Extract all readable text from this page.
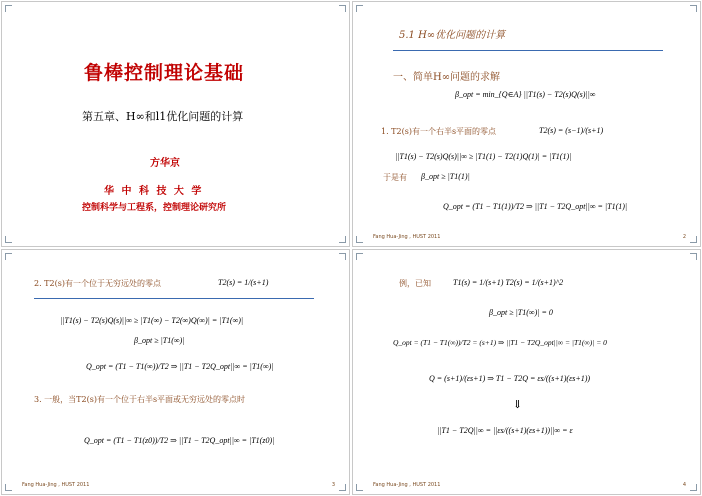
鲁棒控制理论基础
第五章、H∞和l1优化问题的计算
方华京
华 中 科 技 大 学
控制科学与工程系，控制理论研究所
5.1 H∞优化问题的计算
一、简单H∞问题的求解
β_opt = min_{Q∈A} ||T1(s) − T2(s)Q(s)||∞
1. T2(s)有一个右半s平面的零点	T2(s) = (s−1)/(s+1)
||T1(s) − T2(s)Q(s)||∞ ≥ |T1(1) − T2(1)Q(1)| = |T1(1)|
于是有 β_opt ≥ |T1(1)|
Q_opt = (T1 − T1(1))/T2 ⇒ ||T1 − T2Q_opt||∞ = |T1(1)|
Fang Hua-Jing , HUST 2011	2
2. T2(s)有一个位于无穷远处的零点	T2(s) = 1/(s+1)
||T1(s) − T2(s)Q(s)||∞ ≥ |T1(∞) − T2(∞)Q(∞)| = |T1(∞)|
β_opt ≥ |T1(∞)|
Q_opt = (T1 − T1(∞))/T2 ⇒ ||T1 − T2Q_opt||∞ = |T1(∞)|
3. 一般，当T2(s)有一个位于右半s平面或无穷远处的零点时
Q_opt = (T1 − T1(z0))/T2 ⇒ ||T1 − T2Q_opt||∞ = |T1(z0)|
Fang Hua-Jing , HUST 2011	3
例，已知	T1(s) = 1/(s+1) T2(s) = 1/(s+1)^2
β_opt ≥ |T1(∞)| = 0
Q_opt = (T1 − T1(∞))/T2 = (s+1) ⇒ ||T1 − T2Q_opt||∞ = |T1(∞)| = 0
Q = (s+1)/(εs+1) ⇒ T1 − T2Q = εs/((s+1)(εs+1))
⇓
||T1 − T2Q||∞ = ||εs/((s+1)(εs+1))||∞ = ε
Fang Hua-Jing , HUST 2011	4
